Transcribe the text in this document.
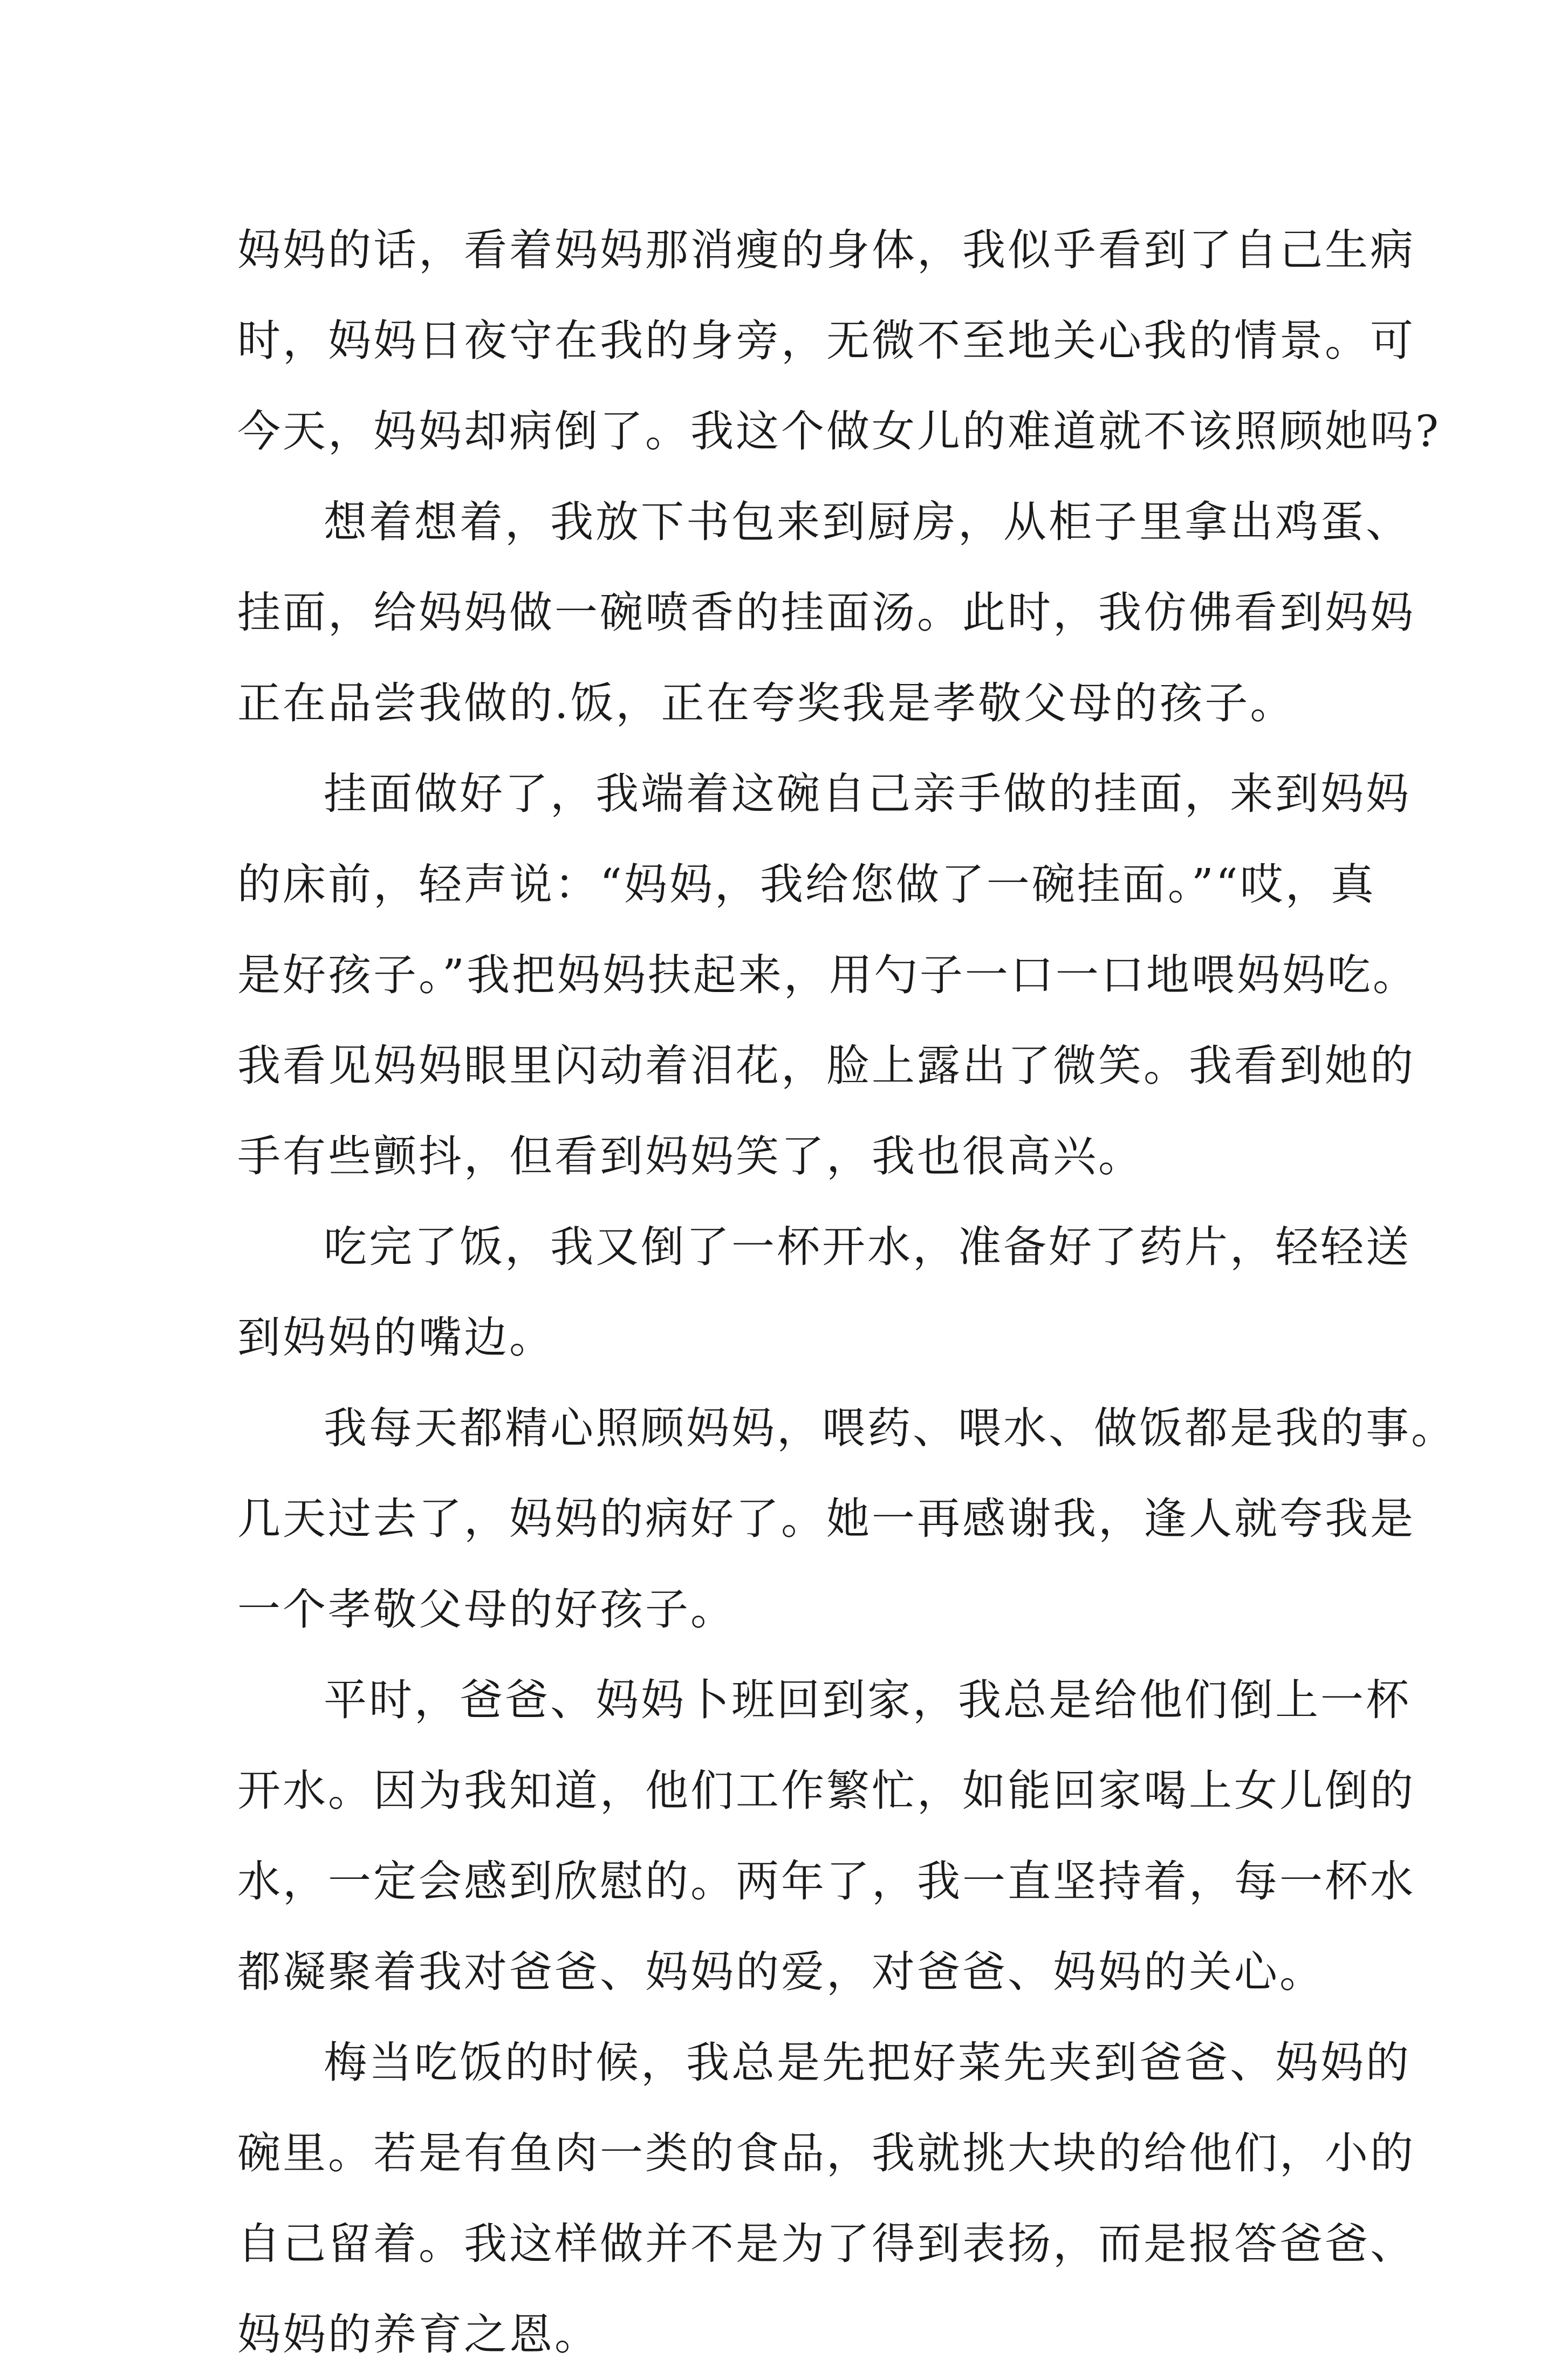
妈妈的话，看着妈妈那消瘦的身体，我似乎看到了自己生病
时，妈妈日夜守在我的身旁，无微不至地关心我的情景。可
今天，妈妈却病倒了。我这个做女儿的难道就不该照顾她吗?
想着想着，我放下书包来到厨房，从柜子里拿出鸡蛋、
挂面，给妈妈做一碗喷香的挂面汤。此时，我仿佛看到妈妈
正在品尝我做的.饭，正在夸奖我是孝敬父母的孩子。
挂面做好了，我端着这碗自己亲手做的挂面，来到妈妈
的床前，轻声说：“妈妈，我给您做了一碗挂面。”“哎，真
是好孩子。”我把妈妈扶起来，用勺子一口一口地喂妈妈吃。
我看见妈妈眼里闪动着泪花，脸上露出了微笑。我看到她的
手有些颤抖，但看到妈妈笑了，我也很高兴。
吃完了饭，我又倒了一杯开水，准备好了药片，轻轻送
到妈妈的嘴边。
我每天都精心照顾妈妈，喂药、喂水、做饭都是我的事。
几天过去了，妈妈的病好了。她一再感谢我，逢人就夸我是
一个孝敬父母的好孩子。
平时，爸爸、妈妈卜班回到家，我总是给他们倒上一杯
开水。因为我知道，他们工作繁忙，如能回家喝上女儿倒的
水，一定会感到欣慰的。两年了，我一直坚持着，每一杯水
都凝聚着我对爸爸、妈妈的爱，对爸爸、妈妈的关心。
梅当吃饭的时候，我总是先把好菜先夹到爸爸、妈妈的
碗里。若是有鱼肉一类的食品，我就挑大块的给他们，小的
自己留着。我这样做并不是为了得到表扬，而是报答爸爸、
妈妈的养育之恩。
